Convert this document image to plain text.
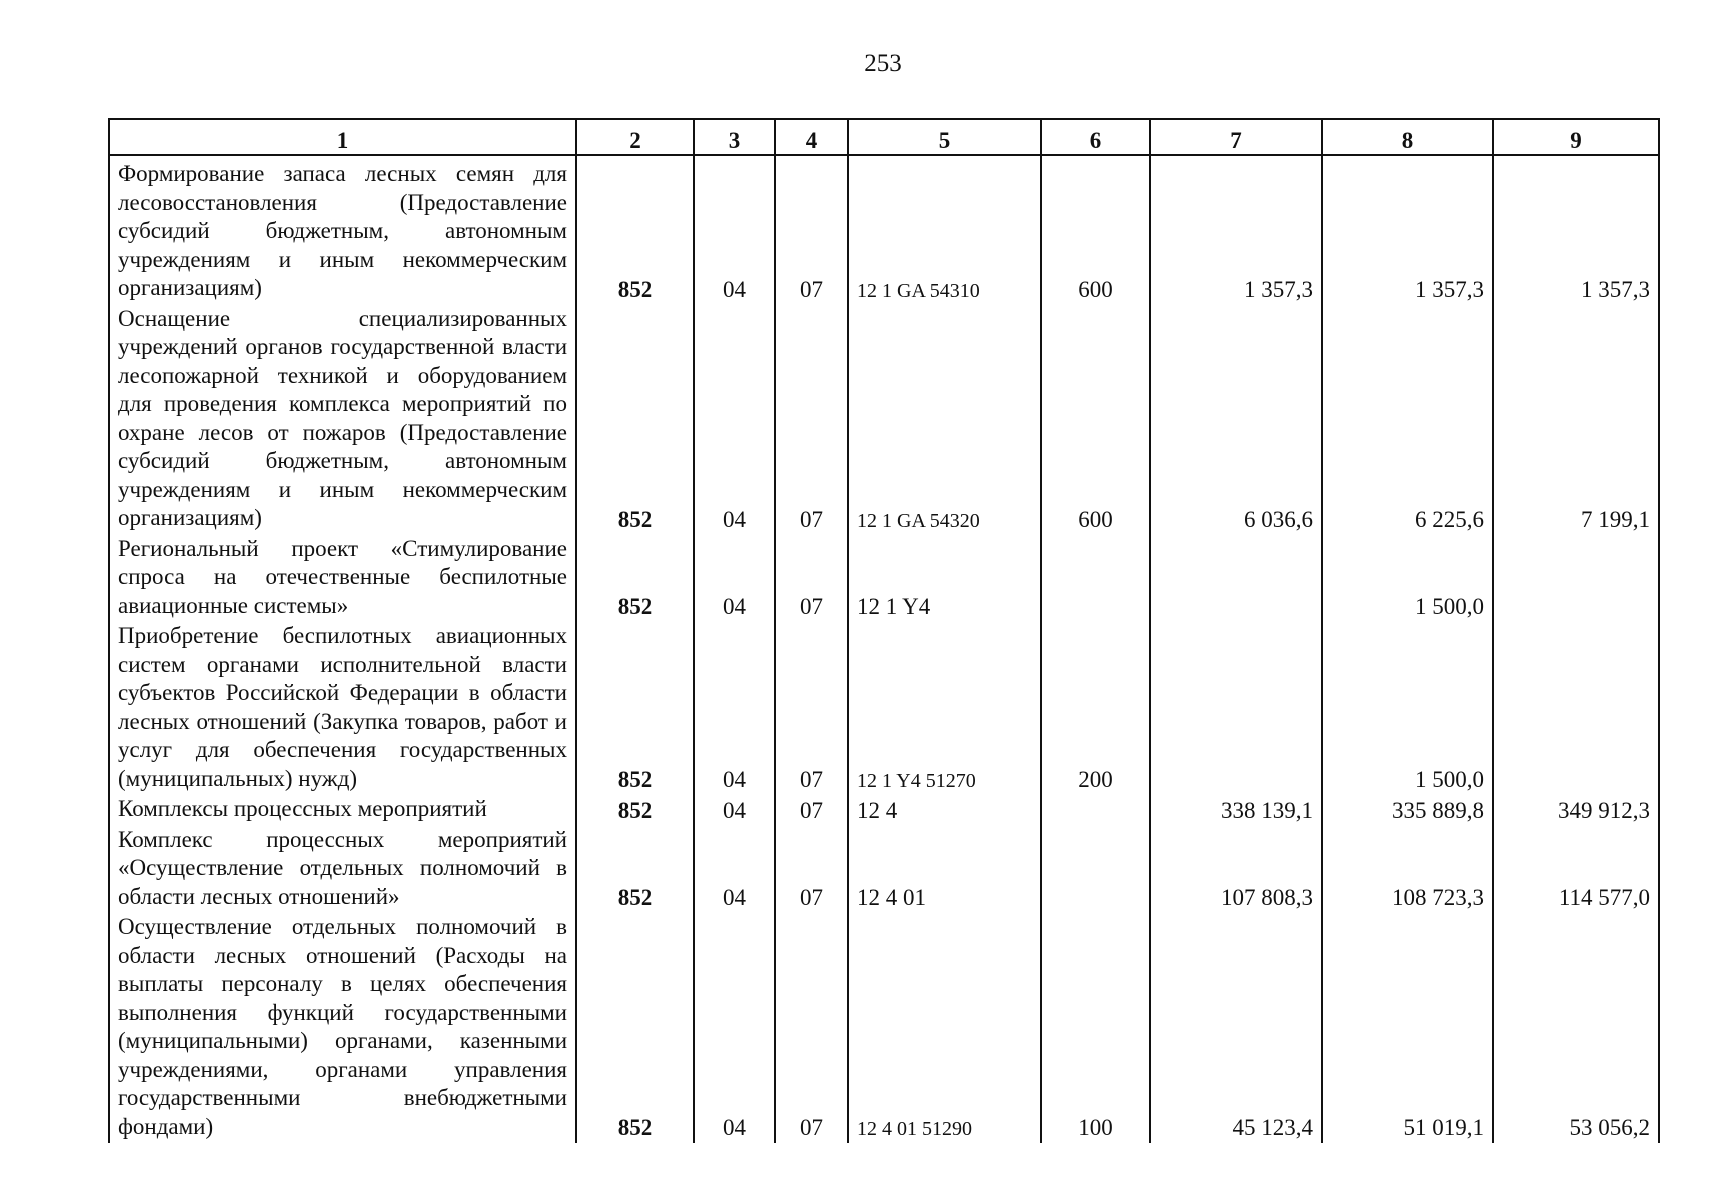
253
1	2	3	4	5	6	7	8	9
Формирование запаса лесных семян для лесовосстановления (Предоставление субсидий бюджетным, автономным учреждениям и иным некоммерческим организациям)	852	04	07	12 1 GA 54310	600	1 357,3	1 357,3	1 357,3
Оснащение специализированных учреждений органов государственной власти лесопожарной техникой и оборудованием для проведения комплекса мероприятий по охране лесов от пожаров (Предоставление субсидий бюджетным, автономным учреждениям и иным некоммерческим организациям)	852	04	07	12 1 GA 54320	600	6 036,6	6 225,6	7 199,1
Региональный проект «Стимулирование спроса на отечественные беспилотные авиационные системы»	852	04	07	12 1 Y4			1 500,0	
Приобретение беспилотных авиационных систем органами исполнительной власти субъектов Российской Федерации в области лесных отношений (Закупка товаров, работ и услуг для обеспечения государственных (муниципальных) нужд)	852	04	07	12 1 Y4 51270	200		1 500,0	
Комплексы процессных мероприятий	852	04	07	12 4		338 139,1	335 889,8	349 912,3
Комплекс процессных мероприятий «Осуществление отдельных полномочий в области лесных отношений»	852	04	07	12 4 01		107 808,3	108 723,3	114 577,0
Осуществление отдельных полномочий в области лесных отношений (Расходы на выплаты персоналу в целях обеспечения выполнения функций государственными (муниципальными) органами, казенными учреждениями, органами управления государственными внебюджетными фондами)	852	04	07	12 4 01 51290	100	45 123,4	51 019,1	53 056,2
